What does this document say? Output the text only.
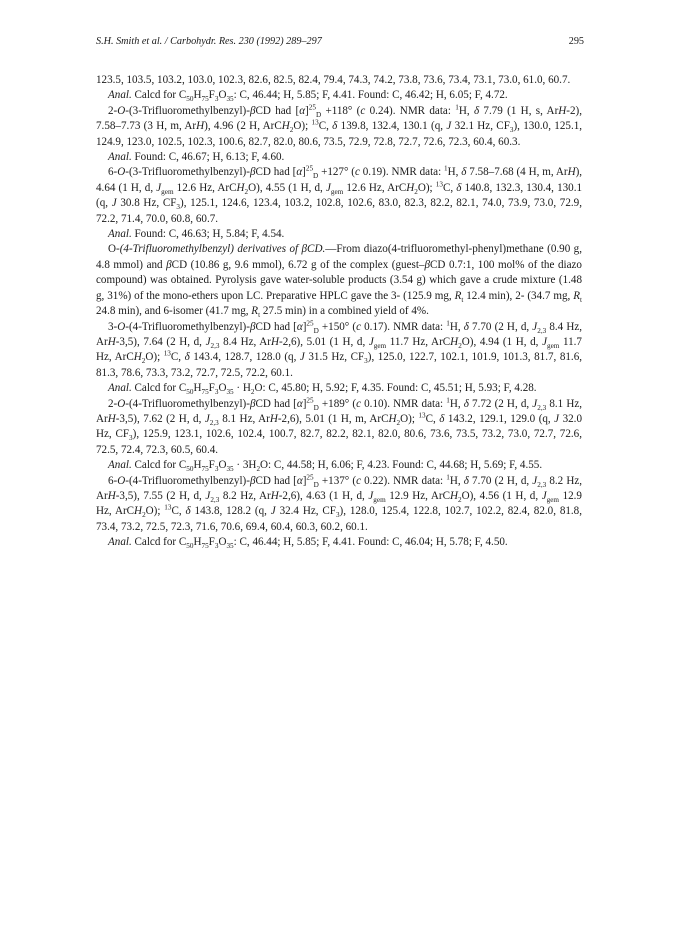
S.H. Smith et al. / Carbohydr. Res. 230 (1992) 289–297	295

123.5, 103.5, 103.2, 103.0, 102.3, 82.6, 82.5, 82.4, 79.4, 74.3, 74.2, 73.8, 73.6, 73.4, 73.1, 73.0, 61.0, 60.7.

Anal. Calcd for $C_{50}H_{75}F_3O_{35}$: C, 46.44; H, 5.85; F, 4.41. Found: C, 46.42; H, 6.05; F, 4.72.

2-O-(3-Trifluoromethylbenzyl)-βCD had $[\alpha]^{25}_D +118^\circ$ (c 0.24). NMR data: $^1$H, δ 7.79 (1 H, s, ArH-2), 7.58–7.73 (3 H, m, ArH), 4.96 (2 H, ArCH$_2$O); $^{13}$C, δ 139.8, 132.4, 130.1 (q, J 32.1 Hz, $CF_3$), 130.0, 125.1, 124.9, 123.0, 102.5, 102.3, 100.6, 82.7, 82.0, 80.6, 73.5, 72.9, 72.8, 72.7, 72.6, 72.3, 60.4, 60.3.

Anal. Found: C, 46.67; H, 6.13; F, 4.60.

6-O-(3-Trifluoromethylbenzyl)-βCD had $[\alpha]^{25}_D +127^\circ$ (c 0.19). NMR data: $^1$H, δ 7.58–7.68 (4 H, m, ArH), 4.64 (1 H, d, $J_{gem}$ 12.6 Hz, ArCH$_2$O), 4.55 (1 H, d, $J_{gem}$ 12.6 Hz, ArCH$_2$O); $^{13}$C, δ 140.8, 132.3, 130.4, 130.1 (q, J 30.8 Hz, $CF_3$), 125.1, 124.6, 123.4, 103.2, 102.8, 102.6, 83.0, 82.3, 82.2, 82.1, 74.0, 73.9, 73.0, 72.9, 72.2, 71.4, 70.0, 60.8, 60.7.

Anal. Found: C, 46.63; H, 5.84; F, 4.54.

O-(4-Trifluoromethylbenzyl) derivatives of βCD.—From diazo(4-trifluoromethyl-phenyl)methane (0.90 g, 4.8 mmol) and βCD (10.86 g, 9.6 mmol), 6.72 g of the complex (guest–βCD 0.7:1, 100 mol% of the diazo compound) was obtained. Pyrolysis gave water-soluble products (3.54 g) which gave a crude mixture (1.48 g, 31%) of the mono-ethers upon LC. Preparative HPLC gave the 3- (125.9 mg, $R_t$ 12.4 min), 2- (34.7 mg, $R_t$ 24.8 min), and 6-isomer (41.7 mg, $R_t$ 27.5 min) in a combined yield of 4%.

3-O-(4-Trifluoromethylbenzyl)-βCD had $[\alpha]^{25}_D +150^\circ$ (c 0.17). NMR data: $^1$H, δ 7.70 (2 H, d, $J_{2,3}$ 8.4 Hz, ArH-3,5), 7.64 (2 H, d, $J_{2,3}$ 8.4 Hz, ArH-2,6), 5.01 (1 H, d, $J_{gem}$ 11.7 Hz, ArCH$_2$O), 4.94 (1 H, d, $J_{gem}$ 11.7 Hz, ArCH$_2$O); $^{13}$C, δ 143.4, 128.7, 128.0 (q, J 31.5 Hz, $CF_3$), 125.0, 122.7, 102.1, 101.9, 101.3, 81.7, 81.6, 81.3, 78.6, 73.3, 73.2, 72.7, 72.5, 72.2, 60.1.

Anal. Calcd for $C_{50}H_{75}F_3O_{35} \cdot H_2O$: C, 45.80; H, 5.92; F, 4.35. Found: C, 45.51; H, 5.93; F, 4.28.

2-O-(4-Trifluoromethylbenzyl)-βCD had $[\alpha]^{25}_D +189^\circ$ (c 0.10). NMR data: $^1$H, δ 7.72 (2 H, d, $J_{2,3}$ 8.1 Hz, ArH-3,5), 7.62 (2 H, d, $J_{2,3}$ 8.1 Hz, ArH-2,6), 5.01 (1 H, m, ArCH$_2$O); $^{13}$C, δ 143.2, 129.1, 129.0 (q, J 32.0 Hz, $CF_3$), 125.9, 123.1, 102.6, 102.4, 100.7, 82.7, 82.2, 82.1, 82.0, 80.6, 73.6, 73.5, 73.2, 73.0, 72.7, 72.6, 72.5, 72.4, 72.3, 60.5, 60.4.

Anal. Calcd for $C_{50}H_{75}F_3O_{35} \cdot 3H_2O$: C, 44.58; H, 6.06; F, 4.23. Found: C, 44.68; H, 5.69; F, 4.55.

6-O-(4-Trifluoromethylbenzyl)-βCD had $[\alpha]^{25}_D +137^\circ$ (c 0.22). NMR data: $^1$H, δ 7.70 (2 H, d, $J_{2,3}$ 8.2 Hz, ArH-3,5), 7.55 (2 H, d, $J_{2,3}$ 8.2 Hz, ArH-2,6), 4.63 (1 H, d, $J_{gem}$ 12.9 Hz, ArCH$_2$O), 4.56 (1 H, d, $J_{gem}$ 12.9 Hz, ArCH$_2$O); $^{13}$C, δ 143.8, 128.2 (q, J 32.4 Hz, $CF_3$), 128.0, 125.4, 122.8, 102.7, 102.2, 82.4, 82.0, 81.8, 73.4, 73.2, 72.5, 72.3, 71.6, 70.6, 69.4, 60.4, 60.3, 60.2, 60.1.

Anal. Calcd for $C_{50}H_{75}F_3O_{35}$: C, 46.44; H, 5.85; F, 4.41. Found: C, 46.04; H, 5.78; F, 4.50.
